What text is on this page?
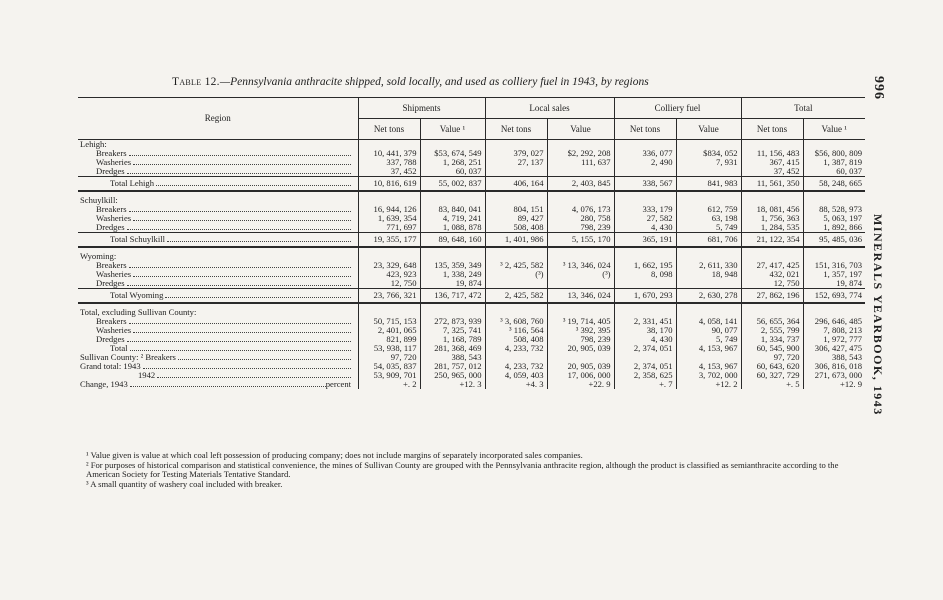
Table 12.—Pennsylvania anthracite shipped, sold locally, and used as colliery fuel in 1943, by regions	996
MINERALS YEARBOOK, 1943
Region	Shipments		Local sales		Colliery fuel		Total	
	Net tons	Value ¹	Net tons	Value	Net tons	Value	Net tons	Value ¹
Lehigh:								
Breakers	10, 441, 379	$53, 674, 549	379, 027	$2, 292, 208	336, 077	$834, 052	11, 156, 483	$56, 800, 809
Washeries	337, 788	1, 268, 251	27, 137	111, 637	2, 490	7, 931	367, 415	1, 387, 819
Dredges	37, 452	60, 037					37, 452	60, 037
Total Lehigh	10, 816, 619	55, 002, 837	406, 164	2, 403, 845	338, 567	841, 983	11, 561, 350	58, 248, 665

Schuylkill:								
Breakers	16, 944, 126	83, 840, 041	804, 151	4, 076, 173	333, 179	612, 759	18, 081, 456	88, 528, 973
Washeries	1, 639, 354	4, 719, 241	89, 427	280, 758	27, 582	63, 198	1, 756, 363	5, 063, 197
Dredges	771, 697	1, 088, 878	508, 408	798, 239	4, 430	5, 749	1, 284, 535	1, 892, 866
Total Schuylkill	19, 355, 177	89, 648, 160	1, 401, 986	5, 155, 170	365, 191	681, 706	21, 122, 354	95, 485, 036

Wyoming:								
Breakers	23, 329, 648	135, 359, 349	³ 2, 425, 582	³ 13, 346, 024	1, 662, 195	2, 611, 330	27, 417, 425	151, 316, 703
Washeries	423, 923	1, 338, 249	(³)	(³)	8, 098	18, 948	432, 021	1, 357, 197
Dredges	12, 750	19, 874					12, 750	19, 874
Total Wyoming	23, 766, 321	136, 717, 472	2, 425, 582	13, 346, 024	1, 670, 293	2, 630, 278	27, 862, 196	152, 693, 774

Total, excluding Sullivan County:								
Breakers	50, 715, 153	272, 873, 939	³ 3, 608, 760	³ 19, 714, 405	2, 331, 451	4, 058, 141	56, 655, 364	296, 646, 485
Washeries	2, 401, 065	7, 325, 741	³ 116, 564	³ 392, 395	38, 170	90, 077	2, 555, 799	7, 808, 213
Dredges	821, 899	1, 168, 789	508, 408	798, 239	4, 430	5, 749	1, 334, 737	1, 972, 777
Total	53, 938, 117	281, 368, 469	4, 233, 732	20, 905, 039	2, 374, 051	4, 153, 967	60, 545, 900	306, 427, 475
Sullivan County: ² Breakers	97, 720	388, 543					97, 720	388, 543
Grand total: 1943	54, 035, 837	281, 757, 012	4, 233, 732	20, 905, 039	2, 374, 051	4, 153, 967	60, 643, 620	306, 816, 018
1942	53, 909, 701	250, 965, 000	4, 059, 403	17, 006, 000	2, 358, 625	3, 702, 000	60, 327, 729	271, 673, 000
Change, 1943 percent	+. 2	+12. 3	+4. 3	+22. 9	+. 7	+12. 2	+. 5	+12. 9
¹ Value given is value at which coal left possession of producing company; does not include margins of separately incorporated sales companies.
² For purposes of historical comparison and statistical convenience, the mines of Sullivan County are grouped with the Pennsylvania anthracite region, although the product is classified as semianthracite according to the American Society for Testing Materials Tentative Standard.
³ A small quantity of washery coal included with breaker.
